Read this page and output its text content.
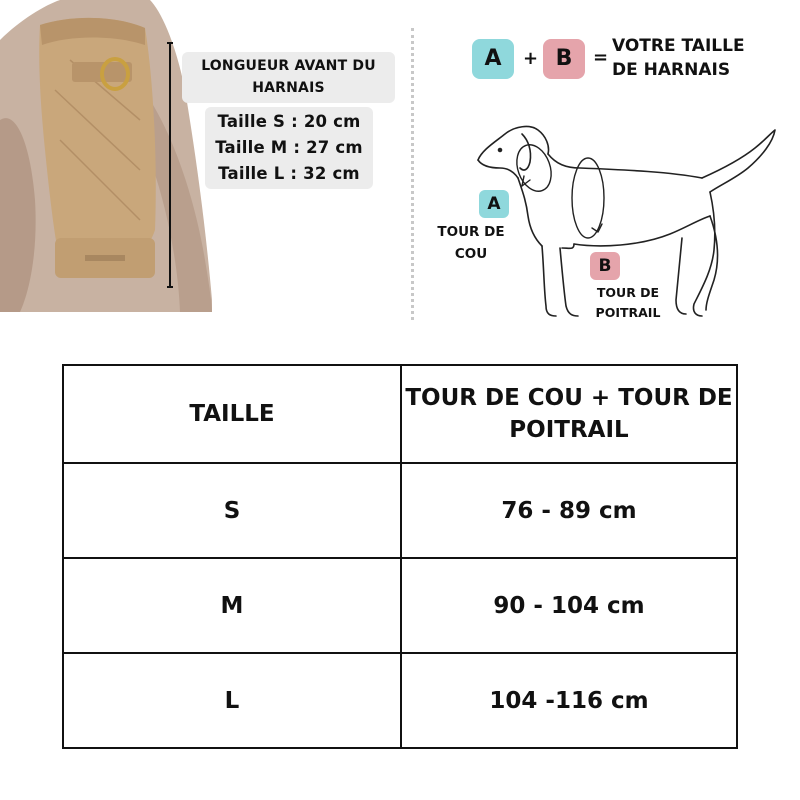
LONGUEUR AVANT DU HARNAIS
Taille S : 20 cm
Taille M : 27 cm
Taille L : 32 cm
A	+ B	=
VOTRE TAILLE DE HARNAIS
A
TOUR DE COU
B
TOUR DE POITRAIL
TAILLE	TOUR DE COU + TOUR DE POITRAIL
S	76 - 89 cm
M	90 - 104 cm
L	104 -116 cm
